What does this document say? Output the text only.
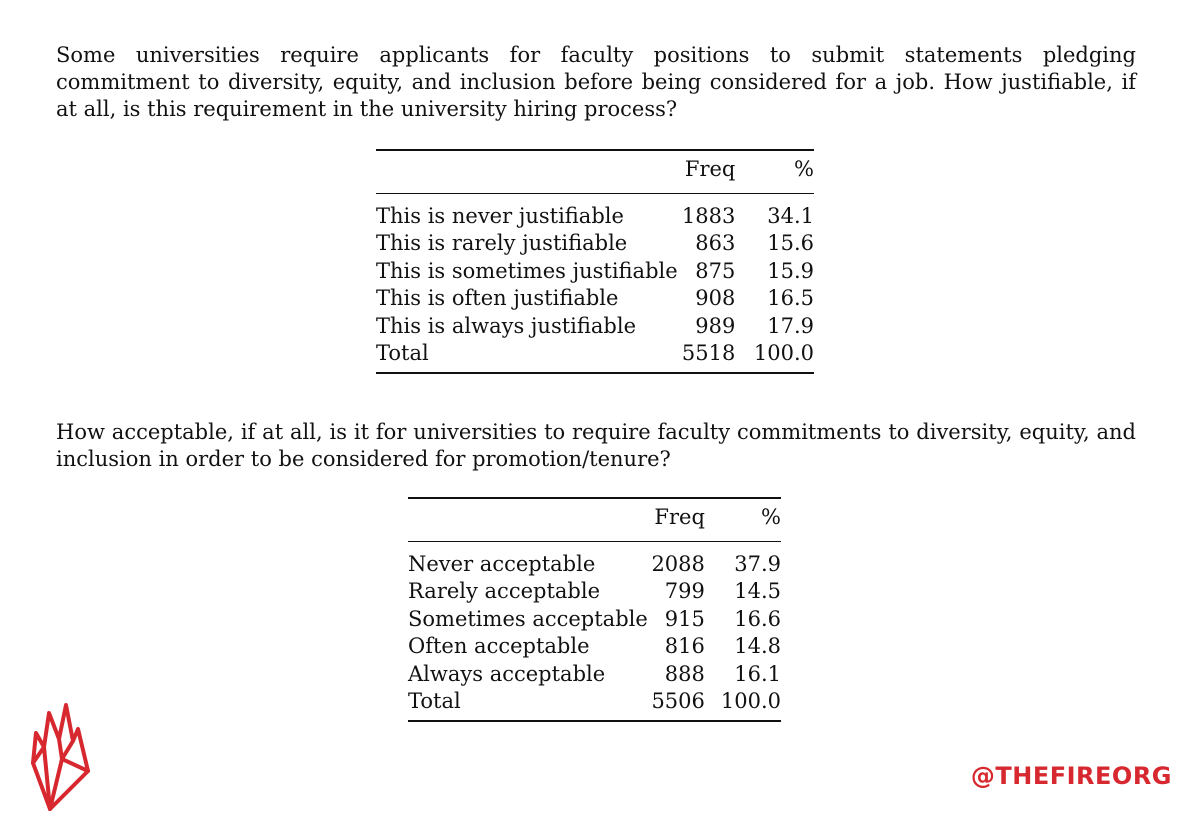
Some universities require applicants for faculty positions to submit statements pledging commitment to diversity, equity, and inclusion before being considered for a job. How justifiable, if at all, is this requirement in the university hiring process?
	Freq	%
This is never justifiable	1883	34.1
This is rarely justifiable	863	15.6
This is sometimes justifiable	875	15.9
This is often justifiable	908	16.5
This is always justifiable	989	17.9
Total	5518	100.0
How acceptable, if at all, is it for universities to require faculty commitments to diversity, equity, and inclusion in order to be considered for promotion/tenure?
	Freq	%
Never acceptable	2088	37.9
Rarely acceptable	799	14.5
Sometimes acceptable	915	16.6
Often acceptable	816	14.8
Always acceptable	888	16.1
Total	5506	100.0
@THEFIREORG
